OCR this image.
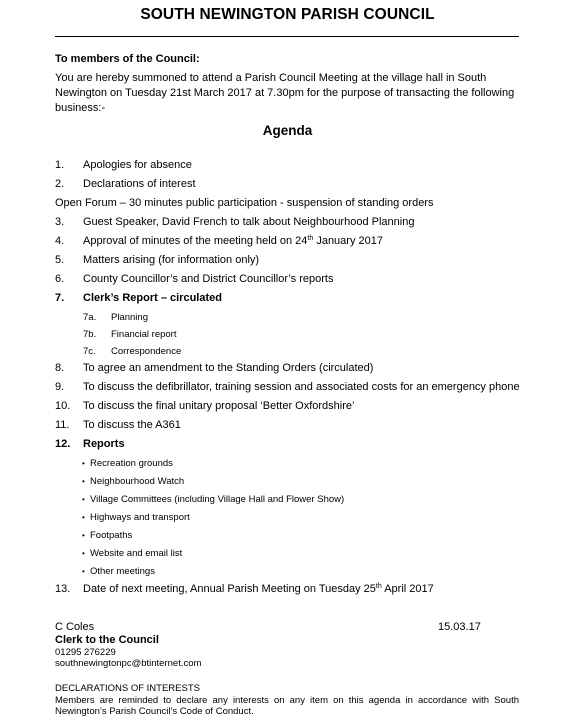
SOUTH NEWINGTON PARISH COUNCIL
To members of the Council:
You are hereby summoned to attend a Parish Council Meeting at the village hall in South Newington on Tuesday 21st March 2017 at 7.30pm for the purpose of transacting the following business:-
Agenda
1. Apologies for absence
2. Declarations of interest
Open Forum – 30 minutes public participation - suspension of standing orders
3. Guest Speaker, David French to talk about Neighbourhood Planning
4. Approval of minutes of the meeting held on 24th January 2017
5. Matters arising (for information only)
6. County Councillor’s and District Councillor’s reports
7. Clerk’s Report – circulated
7a. Planning
7b. Financial report
7c. Correspondence
8. To agree an amendment to the Standing Orders (circulated)
9. To discuss the defibrillator, training session and associated costs for an emergency phone
10. To discuss the final unitary proposal ‘Better Oxfordshire’
11. To discuss the A361
12. Reports
• Recreation grounds
• Neighbourhood Watch
• Village Committees (including Village Hall and Flower Show)
• Highways and transport
• Footpaths
• Website and email list
• Other meetings
13. Date of next meeting, Annual Parish Meeting on Tuesday 25th April 2017
C Coles
Clerk to the Council
01295 276229
southnewingtonpc@btinternet.com
15.03.17
DECLARATIONS OF INTERESTS
Members are reminded to declare any interests on any item on this agenda in accordance with South Newington’s Parish Council’s Code of Conduct.
